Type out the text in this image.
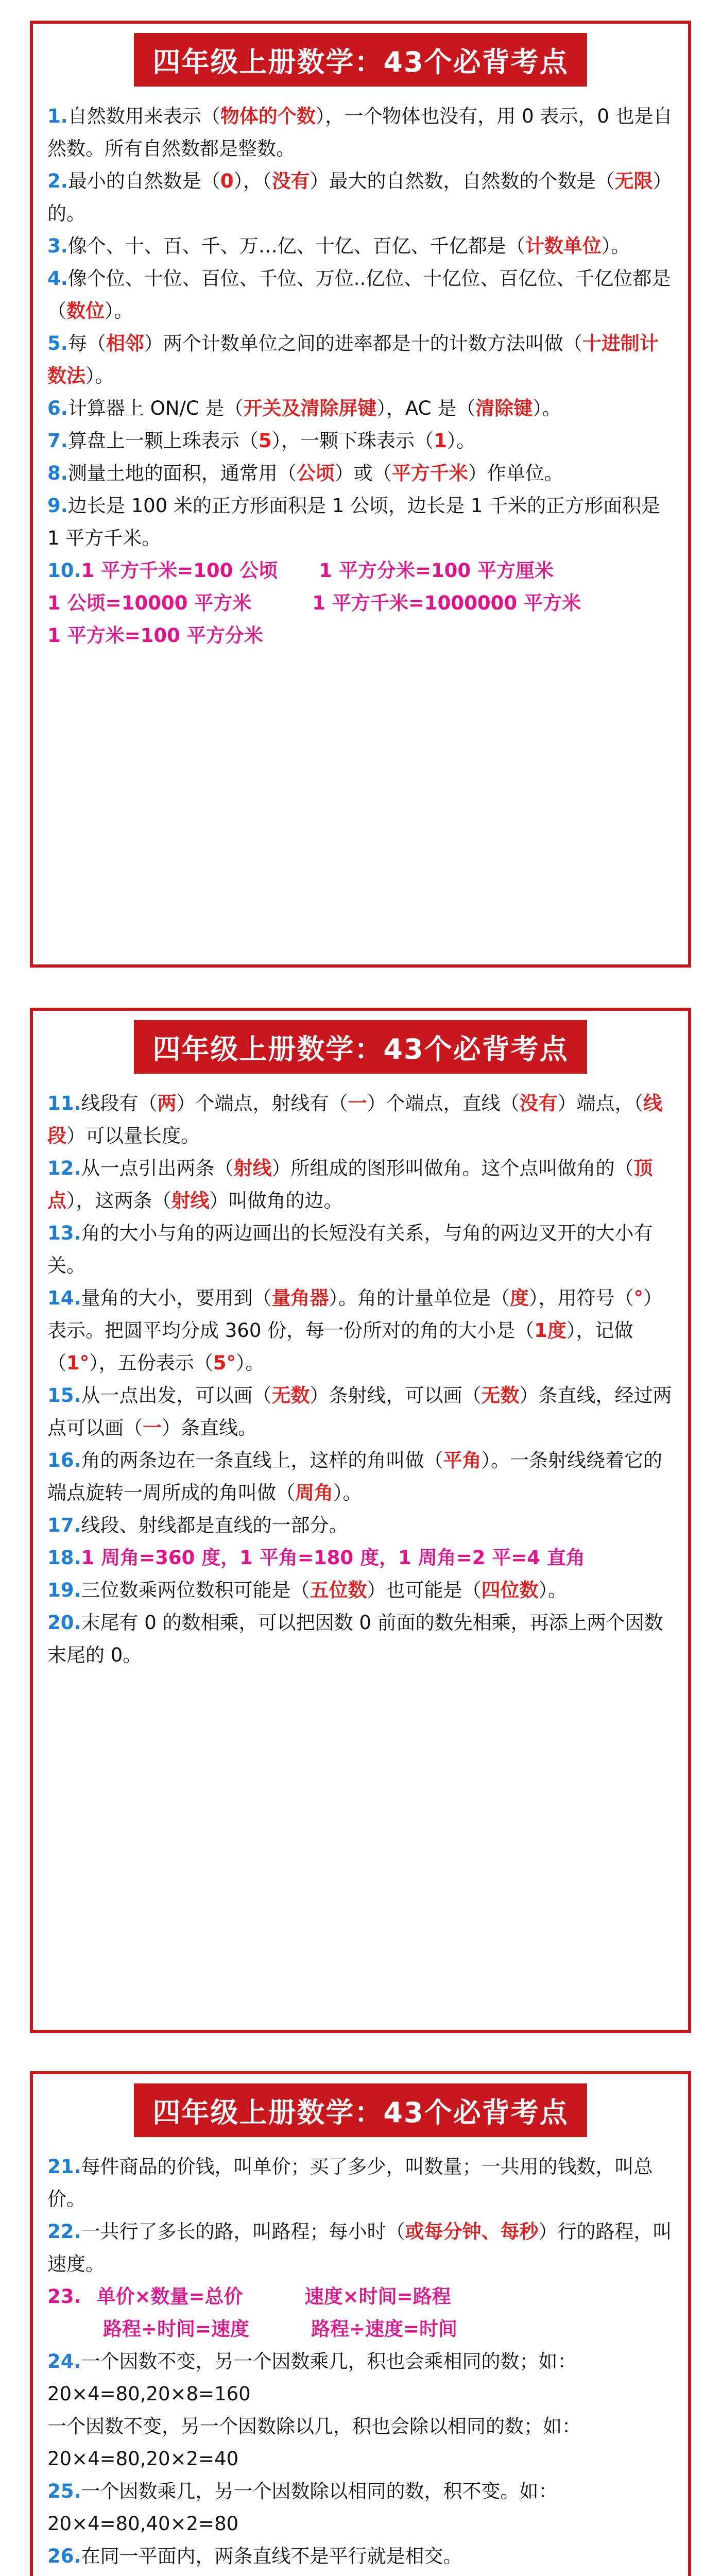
四年级上册数学：43个必背考点
1.自然数用来表示（物体的个数），一个物体也没有，用 0 表示，0 也是自然数。所有自然数都是整数。
2.最小的自然数是（0），（没有）最大的自然数，自然数的个数是（无限）的。
3.像个、十、百、千、万…亿、十亿、百亿、千亿都是（计数单位）。
4.像个位、十位、百位、千位、万位..亿位、十亿位、百亿位、千亿位都是（数位）。
5.每（相邻）两个计数单位之间的进率都是十的计数方法叫做（十进制计数法）。
6.计算器上 ON/C 是（开关及清除屏键），AC 是（清除键）。
7.算盘上一颗上珠表示（5），一颗下珠表示（1）。
8.测量土地的面积，通常用（公顷）或（平方千米）作单位。
9.边长是 100 米的正方形面积是 1 公顷，边长是 1 千米的正方形面积是 1 平方千米。
10.1 平方千米=100 公顷 1 平方分米=100 平方厘米
1 公顷=10000 平方米	1 平方千米=1000000 平方米
1 平方米=100 平方分米
四年级上册数学：43个必背考点
11.线段有（两）个端点，射线有（一）个端点，直线（没有）端点，（线段）可以量长度。
12.从一点引出两条（射线）所组成的图形叫做角。这个点叫做角的（顶点），这两条（射线）叫做角的边。
13.角的大小与角的两边画出的长短没有关系，与角的两边叉开的大小有关。
14.量角的大小，要用到（量角器）。角的计量单位是（度），用符号（°）表示。把圆平均分成 360 份，每一份所对的角的大小是（1度），记做（1°），五份表示（5°）。
15.从一点出发，可以画（无数）条射线，可以画（无数）条直线，经过两点可以画（一）条直线。
16.角的两条边在一条直线上，这样的角叫做（平角）。一条射线绕着它的端点旋转一周所成的角叫做（周角）。
17.线段、射线都是直线的一部分。
18.1 周角=360 度，1 平角=180 度，1 周角=2 平=4 直角
19.三位数乘两位数积可能是（五位数）也可能是（四位数）。
20.末尾有 0 的数相乘，可以把因数 0 前面的数先相乘，再添上两个因数末尾的 0。
四年级上册数学：43个必背考点
21.每件商品的价钱，叫单价；买了多少，叫数量；一共用的钱数，叫总价。
22.一共行了多长的路，叫路程；每小时（或每分钟、每秒）行的路程，叫速度。
23. 单价×数量=总价	速度×时间=路程
路程÷时间=速度	路程÷速度=时间
24.一个因数不变，另一个因数乘几，积也会乘相同的数；如：20×4=80,20×8=160
一个因数不变，另一个因数除以几，积也会除以相同的数；如：20×4=80,20×2=40
25.一个因数乘几，另一个因数除以相同的数，积不变。如：20×4=80,40×2=80
26.在同一平面内，两条直线不是平行就是相交。
